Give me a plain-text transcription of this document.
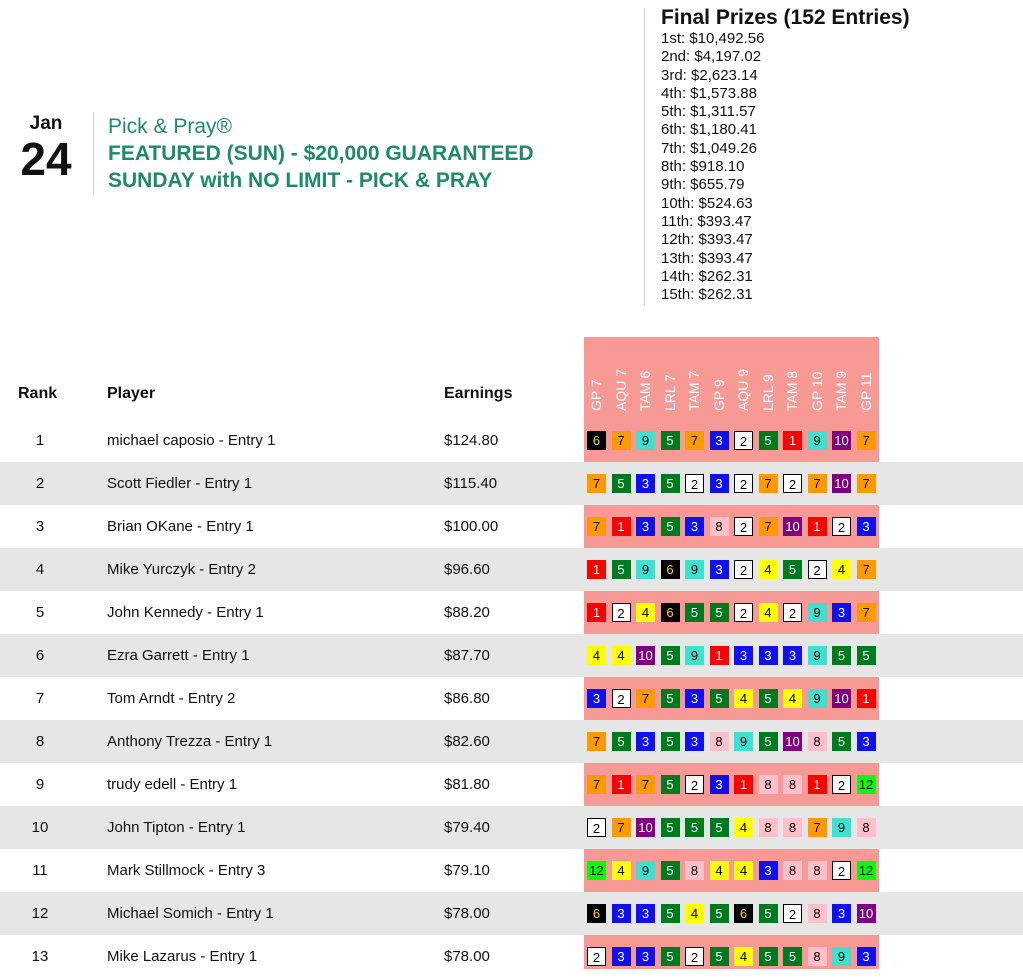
Jan
24
Pick & Pray®
FEATURED (SUN) - $20,000 GUARANTEED
SUNDAY with NO LIMIT - PICK & PRAY
Final Prizes (152 Entries)
1st: $10,492.56
2nd: $4,197.02
3rd: $2,623.14
4th: $1,573.88
5th: $1,311.57
6th: $1,180.41
7th: $1,049.26
8th: $918.10
9th: $655.79
10th: $524.63
11th: $393.47
12th: $393.47
13th: $393.47
14th: $262.31
15th: $262.31
Rank	Player	Earnings	GP 7 AQU 7 TAM 6 LRL 7 TAM 7 GP 9 AQU 9 LRL 9 TAM 8 GP 10 TAM 9 GP 11
1	michael caposio - Entry 1	$124.80	6	7	9	5	7	3	2	5	1	9	10	7
2	Scott Fiedler - Entry 1	$115.40	7	5	3	5	2	3	2	7	2	7	10	7
3	Brian OKane - Entry 1	$100.00	7	1	3	5	3	8	2	7	10	1	2	3
4	Mike Yurczyk - Entry 2	$96.60	1	5	9	6	9	3	2	4	5	2	4	7
5	John Kennedy - Entry 1	$88.20	1	2	4	6	5	5	2	4	2	9	3	7
6	Ezra Garrett - Entry 1	$87.70	4	4	10	5	9	1	3	3	3	9	5	5
7	Tom Arndt - Entry 2	$86.80	3	2	7	5	3	5	4	5	4	9	10	1
8	Anthony Trezza - Entry 1	$82.60	7	5	3	5	3	8	9	5	10	8	5	3
9	trudy edell - Entry 1	$81.80	7	1	7	5	2	3	1	8	8	1	2	12
10	John Tipton - Entry 1	$79.40	2	7	10	5	5	5	4	8	8	7	9	8
11	Mark Stillmock - Entry 3	$79.10	12	4	9	5	8	4	4	3	8	8	2	12
12	Michael Somich - Entry 1	$78.00	6	3	3	5	4	5	6	5	2	8	3	10
13	Mike Lazarus - Entry 1	$78.00	2	3	3	5	2	5	4	5	5	8	9	3
